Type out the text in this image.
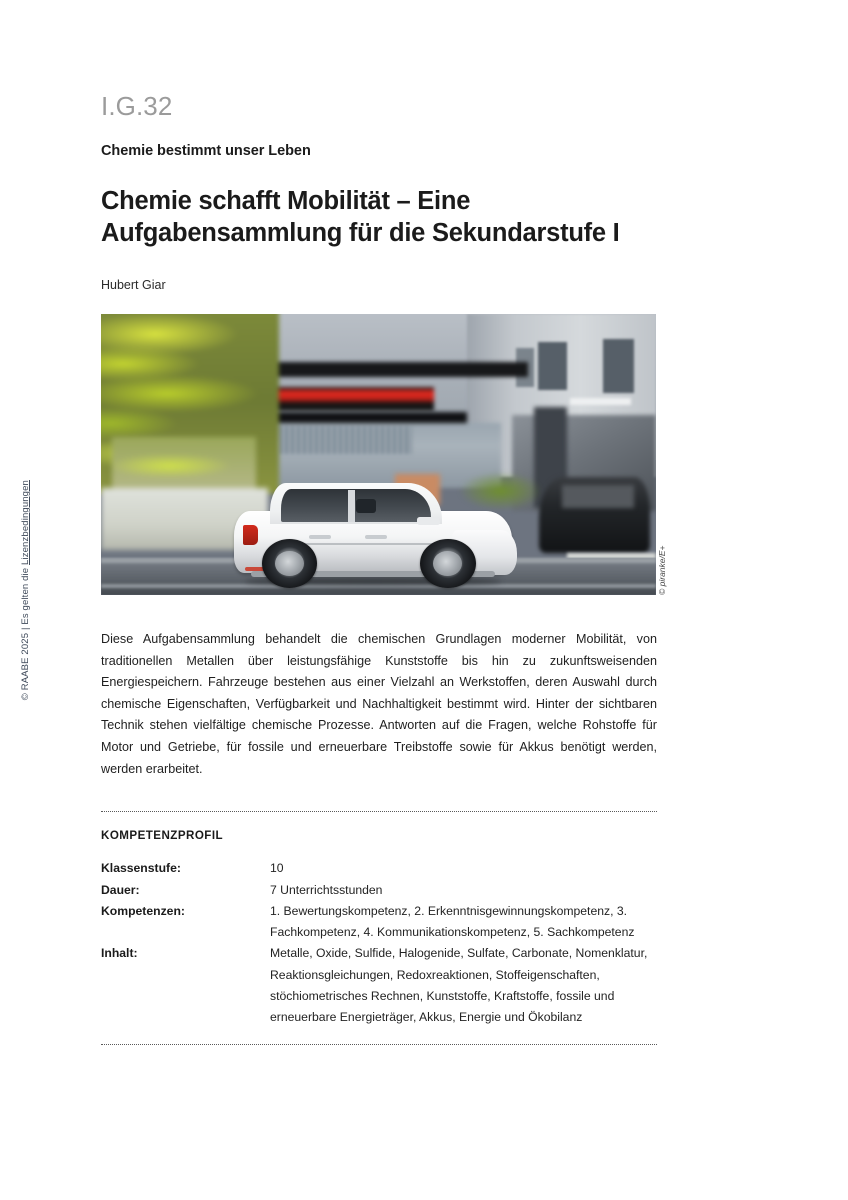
© RAABE 2025 | Es gelten die Lizenzbedingungen
I.G.32
Chemie bestimmt unser Leben
Chemie schafft Mobilität – Eine Aufgabensammlung für die Sekundarstufe I
Hubert Giar
© piranke/E+

Diese Aufgabensammlung behandelt die chemischen Grundlagen moderner Mobilität, von traditionellen Metallen über leistungsfähige Kunststoffe bis hin zu zukunftsweisenden Energiespeichern. Fahrzeuge bestehen aus einer Vielzahl an Werkstoffen, deren Auswahl durch chemische Eigenschaften, Verfügbarkeit und Nachhaltigkeit bestimmt wird. Hinter der sichtbaren Technik stehen vielfältige chemische Prozesse. Antworten auf die Fragen, welche Rohstoffe für Motor und Getriebe, für fossile und erneuerbare Treibstoffe sowie für Akkus benötigt werden, werden erarbeitet.

KOMPETENZPROFIL
Klassenstufe:	10
Dauer:	7 Unterrichtsstunden
Kompetenzen:	1. Bewertungskompetenz, 2. Erkenntnisgewinnungskompetenz, 3. Fachkompetenz, 4. Kommunikationskompetenz, 5. Sachkompetenz
Inhalt:	Metalle, Oxide, Sulfide, Halogenide, Sulfate, Carbonate, Nomenklatur, Reaktionsgleichungen, Redoxreaktionen, Stoffeigenschaften, stöchiometrisches Rechnen, Kunststoffe, Kraftstoffe, fossile und erneuerbare Energieträger, Akkus, Energie und Ökobilanz
